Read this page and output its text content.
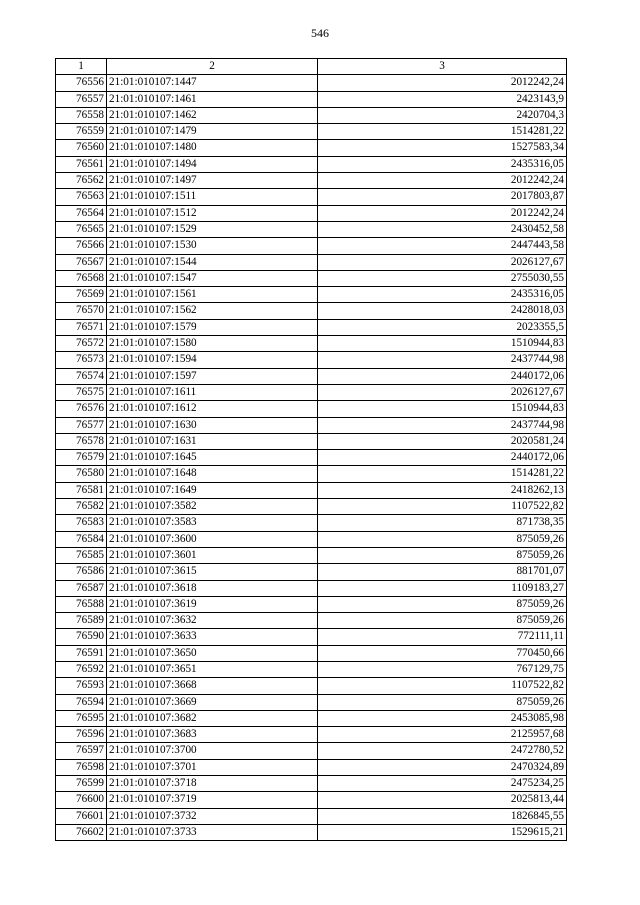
546
1	2	3
76556	21:01:010107:1447	2012242,24
76557	21:01:010107:1461	2423143,9
76558	21:01:010107:1462	2420704,3
76559	21:01:010107:1479	1514281,22
76560	21:01:010107:1480	1527583,34
76561	21:01:010107:1494	2435316,05
76562	21:01:010107:1497	2012242,24
76563	21:01:010107:1511	2017803,87
76564	21:01:010107:1512	2012242,24
76565	21:01:010107:1529	2430452,58
76566	21:01:010107:1530	2447443,58
76567	21:01:010107:1544	2026127,67
76568	21:01:010107:1547	2755030,55
76569	21:01:010107:1561	2435316,05
76570	21:01:010107:1562	2428018,03
76571	21:01:010107:1579	2023355,5
76572	21:01:010107:1580	1510944,83
76573	21:01:010107:1594	2437744,98
76574	21:01:010107:1597	2440172,06
76575	21:01:010107:1611	2026127,67
76576	21:01:010107:1612	1510944,83
76577	21:01:010107:1630	2437744,98
76578	21:01:010107:1631	2020581,24
76579	21:01:010107:1645	2440172,06
76580	21:01:010107:1648	1514281,22
76581	21:01:010107:1649	2418262,13
76582	21:01:010107:3582	1107522,82
76583	21:01:010107:3583	871738,35
76584	21:01:010107:3600	875059,26
76585	21:01:010107:3601	875059,26
76586	21:01:010107:3615	881701,07
76587	21:01:010107:3618	1109183,27
76588	21:01:010107:3619	875059,26
76589	21:01:010107:3632	875059,26
76590	21:01:010107:3633	772111,11
76591	21:01:010107:3650	770450,66
76592	21:01:010107:3651	767129,75
76593	21:01:010107:3668	1107522,82
76594	21:01:010107:3669	875059,26
76595	21:01:010107:3682	2453085,98
76596	21:01:010107:3683	2125957,68
76597	21:01:010107:3700	2472780,52
76598	21:01:010107:3701	2470324,89
76599	21:01:010107:3718	2475234,25
76600	21:01:010107:3719	2025813,44
76601	21:01:010107:3732	1826845,55
76602	21:01:010107:3733	1529615,21
